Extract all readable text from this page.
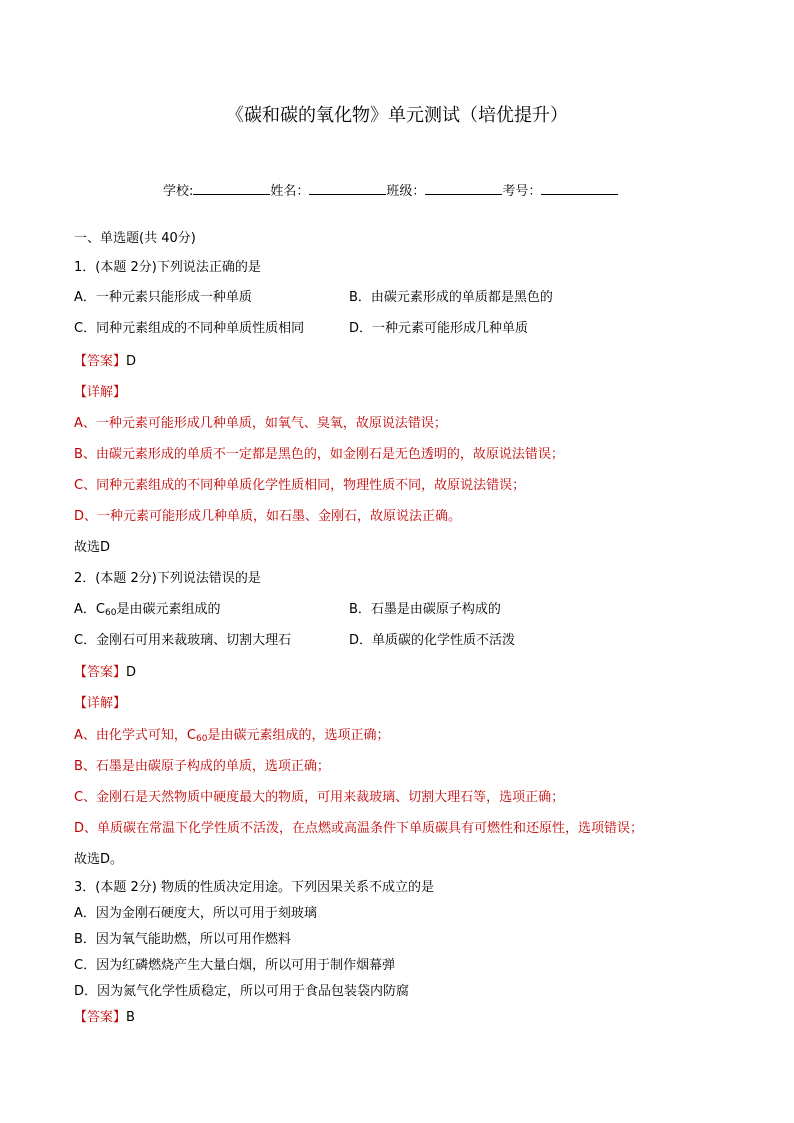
《碳和碳的氧化物》单元测试（培优提升）
学校:	姓名：	班级：	考号：
一、单选题(共 40分)
1．(本题 2分)下列说法正确的是
A．一种元素只能形成一种单质	B．由碳元素形成的单质都是黑色的
C．同种元素组成的不同种单质性质相同	D．一种元素可能形成几种单质
【答案】D
【详解】
A、一种元素可能形成几种单质，如氧气、臭氧，故原说法错误；
B、由碳元素形成的单质不一定都是黑色的，如金刚石是无色透明的，故原说法错误；
C、同种元素组成的不同种单质化学性质相同，物理性质不同，故原说法错误；
D、一种元素可能形成几种单质，如石墨、金刚石，故原说法正确。
故选D
2．(本题 2分)下列说法错误的是
A．$C_{60}$是由碳元素组成的	B．石墨是由碳原子构成的
C．金刚石可用来裁玻璃、切割大理石	D．单质碳的化学性质不活泼
【答案】D
【详解】
A、由化学式可知，$C_{60}$是由碳元素组成的，选项正确；
B、石墨是由碳原子构成的单质，选项正确；
C、金刚石是天然物质中硬度最大的物质，可用来裁玻璃、切割大理石等，选项正确；
D、单质碳在常温下化学性质不活泼，在点燃或高温条件下单质碳具有可燃性和还原性，选项错误；
故选D。
3．(本题 2分) 物质的性质决定用途。下列因果关系不成立的是
A．因为金刚石硬度大，所以可用于刻玻璃
B．因为氧气能助燃，所以可用作燃料
C．因为红磷燃烧产生大量白烟，所以可用于制作烟幕弹
D．因为氮气化学性质稳定，所以可用于食品包装袋内防腐
【答案】B
